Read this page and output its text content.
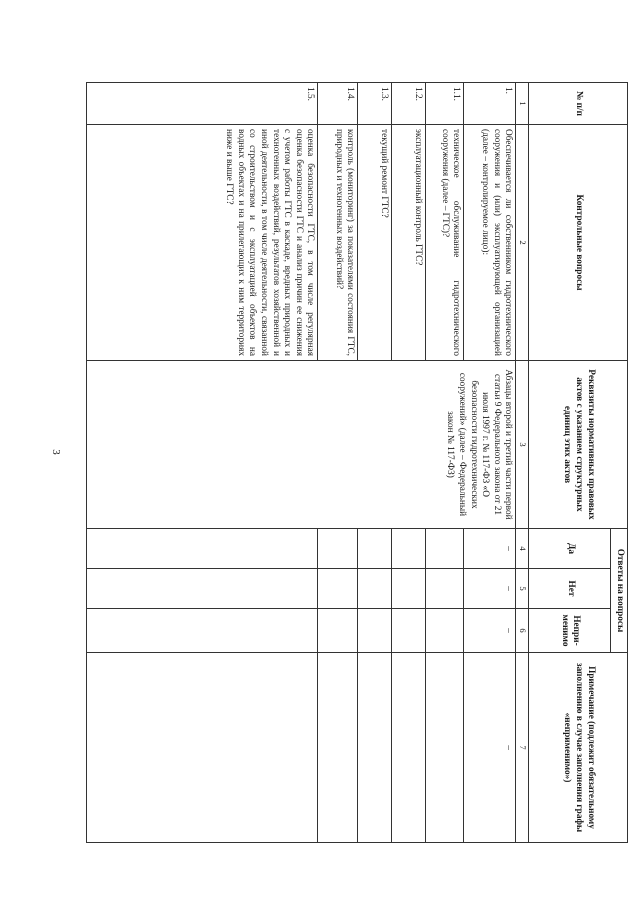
3
№ п/п	Контрольные вопросы	Реквизиты нормативных правовых актов с указанием структурных единиц этих актов	Ответы на вопросы			Примечание (подлежит обязательному заполнению в случае заполнения графы «неприменимо»)
			Да	Нет	Непри-менимо	
1	2	3	4	5	6	7
1.	Обеспечивается ли собственником гидротехнического сооружения и (или) эксплуатирующей организацией (далее – контролируемое лицо):	Абзацы второй и третий части первой статьи 9 Федерального закона от 21 июля 1997 г. № 117-ФЗ «О безопасности гидротехнических сооружений» (далее – Федеральный закон № 117-ФЗ)	–	–	–	–
1.1.	техническое обслуживание гидротехнического сооружения (далее – ГТС)?					
1.2.	эксплуатационный контроль ГТС?					
1.3.	текущий ремонт ГТС?					
1.4.	контроль (мониторинг) за показателями состояния ГТС, природных и техногенных воздействий?					
1.5.	оценка безопасности ГТС, в том числе регулярная оценка безопасности ГТС и анализ причин ее снижения с учетом работы ГТС в каскаде, вредных природных и техногенных воздействий, результатов хозяйственной и иной деятельности, в том числе деятельности, связанной со строительством и с эксплуатацией объектов на водных объектах и на прилегающих к ним территориях ниже и выше ГТС?					
